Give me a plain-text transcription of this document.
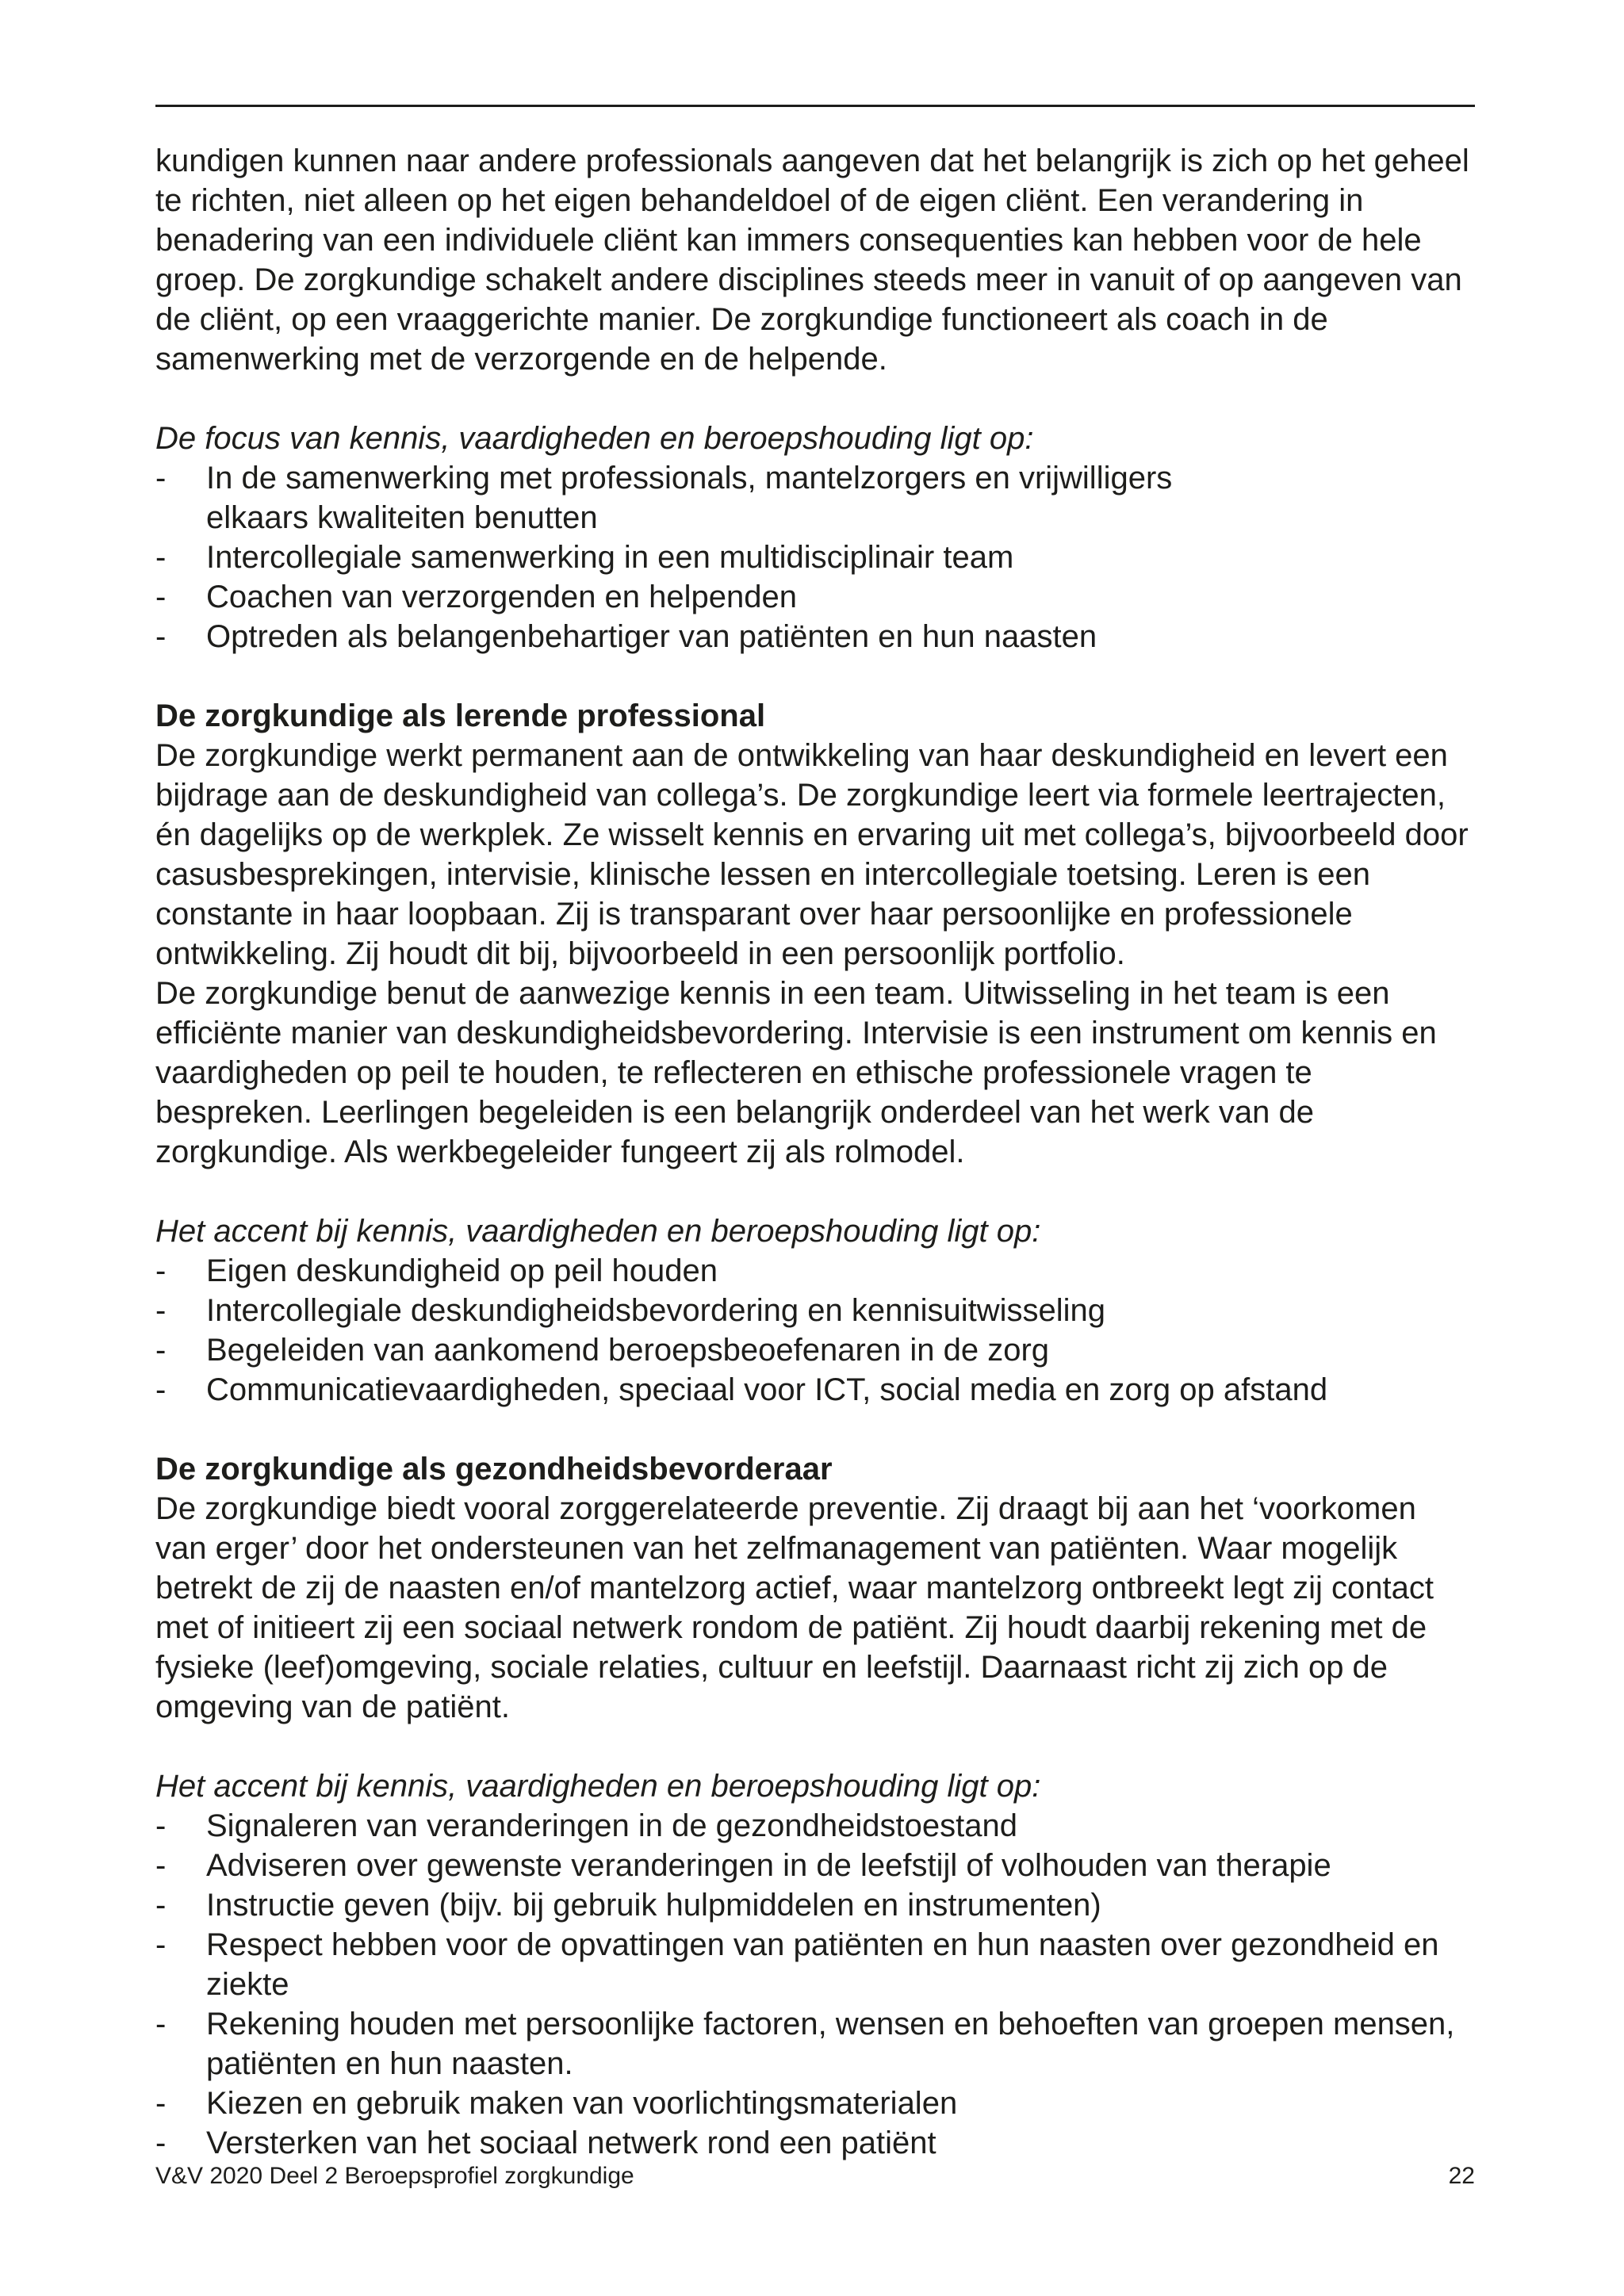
kundigen kunnen naar andere professionals aangeven dat het belangrijk is zich op het geheel te richten, niet alleen op het eigen behandeldoel of de eigen cliënt. Een verandering in benadering van een individuele cliënt kan immers consequenties kan hebben voor de hele groep. De zorgkundige schakelt andere disciplines steeds meer in vanuit of op aangeven van de cliënt, op een vraaggerichte manier. De zorgkundige functioneert als coach in de samenwerking met de verzorgende en de helpende.

De focus van kennis, vaardigheden en beroepshouding ligt op:

- In de samenwerking met professionals, mantelzorgers en vrijwilligers elkaars kwaliteiten benutten
- Intercollegiale samenwerking in een multidisciplinair team
- Coachen van verzorgenden en helpenden
- Optreden als belangenbehartiger van patiënten en hun naasten

De zorgkundige als lerende professional

De zorgkundige werkt permanent aan de ontwikkeling van haar deskundigheid en levert een bijdrage aan de deskundigheid van collega’s. De zorgkundige leert via formele leertrajecten, én dagelijks op de werkplek. Ze wisselt kennis en ervaring uit met collega’s, bijvoorbeeld door casusbesprekingen, intervisie, klinische lessen en intercollegiale toetsing. Leren is een constante in haar loopbaan. Zij is transparant over haar persoonlijke en professionele ontwikkeling. Zij houdt dit bij, bijvoorbeeld in een persoonlijk portfolio.

De zorgkundige benut de aanwezige kennis in een team. Uitwisseling in het team is een efficiënte manier van deskundigheidsbevordering. Intervisie is een instrument om kennis en vaardigheden op peil te houden, te reflecteren en ethische professionele vragen te bespreken. Leerlingen begeleiden is een belangrijk onderdeel van het werk van de zorgkundige. Als werkbegeleider fungeert zij als rolmodel.

Het accent bij kennis, vaardigheden en beroepshouding ligt op:

- Eigen deskundigheid op peil houden
- Intercollegiale deskundigheidsbevordering en kennisuitwisseling
- Begeleiden van aankomend beroepsbeoefenaren in de zorg
- Communicatievaardigheden, speciaal voor ICT, social media en zorg op afstand

De zorgkundige als gezondheidsbevorderaar

De zorgkundige biedt vooral zorggerelateerde preventie. Zij draagt bij aan het ‘voorkomen van erger’ door het ondersteunen van het zelfmanagement van patiënten. Waar mogelijk betrekt de zij de naasten en/of mantelzorg actief, waar mantelzorg ontbreekt legt zij contact met of initieert zij een sociaal netwerk rondom de patiënt. Zij houdt daarbij rekening met de fysieke (leef)omgeving, sociale relaties, cultuur en leefstijl. Daarnaast richt zij zich op de omgeving van de patiënt.

Het accent bij kennis, vaardigheden en beroepshouding ligt op:

- Signaleren van veranderingen in de gezondheidstoestand
- Adviseren over gewenste veranderingen in de leefstijl of volhouden van therapie
- Instructie geven (bijv. bij gebruik hulpmiddelen en instrumenten)
- Respect hebben voor de opvattingen van patiënten en hun naasten over gezondheid en ziekte
- Rekening houden met persoonlijke factoren, wensen en behoeften van groepen mensen, patiënten en hun naasten.
- Kiezen en gebruik maken van voorlichtingsmaterialen
- Versterken van het sociaal netwerk rond een patiënt
V&V 2020 Deel 2 Beroepsprofiel zorgkundige	22
